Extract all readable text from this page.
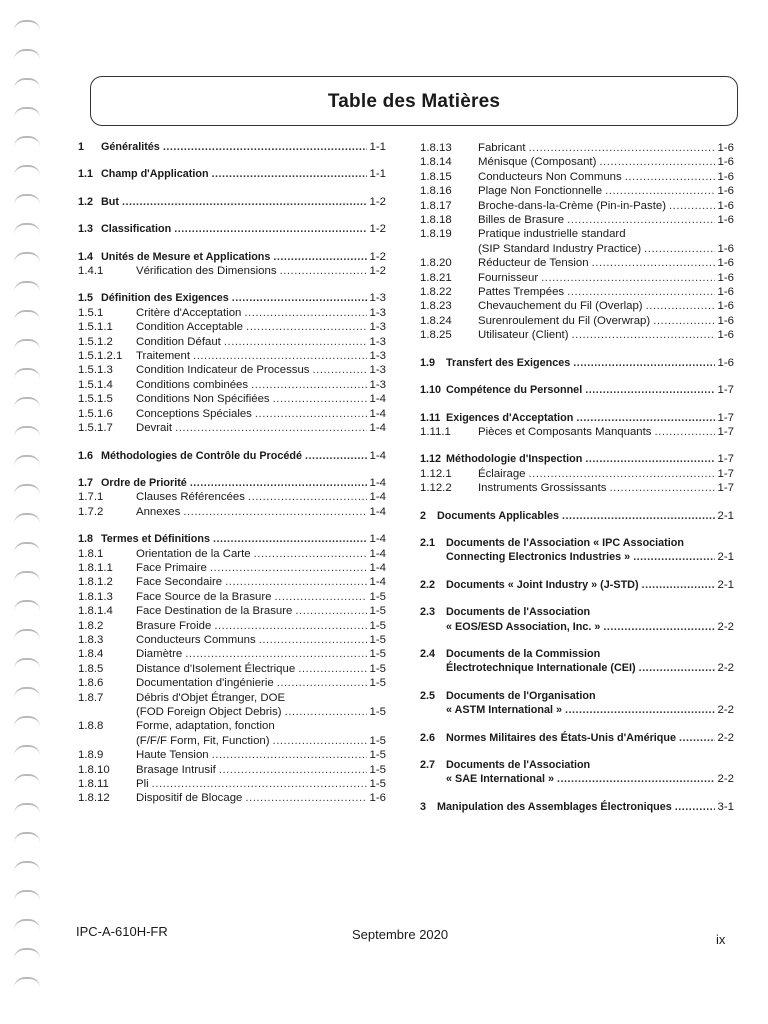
Table des Matières
1	Généralités .....	1-1
1.1 Champ d'Application .....	1-1
1.2 But .....	1-2
1.3 Classification .....	1-2
1.4 Unités de Mesure et Applications .....	1-2
1.4.1	Vérification des Dimensions .....	1-2
1.5 Définition des Exigences .....	1-3
1.5.1	Critère d'Acceptation .....	1-3
1.5.1.1	Condition Acceptable .....	1-3
1.5.1.2	Condition Défaut .....	1-3
1.5.1.2.1	Traitement .....	1-3
1.5.1.3	Condition Indicateur de Processus .....	1-3
1.5.1.4	Conditions combinées .....	1-3
1.5.1.5	Conditions Non Spécifiées .....	1-4
1.5.1.6	Conceptions Spéciales .....	1-4
1.5.1.7	Devrait .....	1-4
1.6 Méthodologies de Contrôle du Procédé .....	1-4
1.7 Ordre de Priorité .....	1-4
1.7.1	Clauses Référencées .....	1-4
1.7.2	Annexes .....	1-4
1.8 Termes et Définitions .....	1-4
1.8.1	Orientation de la Carte .....	1-4
1.8.1.1	Face Primaire .....	1-4
1.8.1.2	Face Secondaire .....	1-4
1.8.1.3	Face Source de la Brasure .....	1-5
1.8.1.4	Face Destination de la Brasure .....	1-5
1.8.2	Brasure Froide .....	1-5
1.8.3	Conducteurs Communs .....	1-5
1.8.4	Diamètre .....	1-5
1.8.5	Distance d'Isolement Électrique .....	1-5
1.8.6	Documentation d'ingénierie .....	1-5
1.8.7	Débris d'Objet Étranger, DOE
(FOD Foreign Object Debris) .....	1-5
1.8.8	Forme, adaptation, fonction
(F/F/F Form, Fit, Function) .....	1-5
1.8.9	Haute Tension .....	1-5
1.8.10	Brasage Intrusif .....	1-5
1.8.11	Pli .....	1-5
1.8.12	Dispositif de Blocage .....	1-6
1.8.13	Fabricant .....	1-6
1.8.14	Ménisque (Composant) .....	1-6
1.8.15	Conducteurs Non Communs .....	1-6
1.8.16	Plage Non Fonctionnelle .....	1-6
1.8.17	Broche-dans-la-Crème (Pin-in-Paste) .....	1-6
1.8.18	Billes de Brasure .....	1-6
1.8.19	Pratique industrielle standard
(SIP Standard Industry Practice) .....	1-6
1.8.20	Réducteur de Tension .....	1-6
1.8.21	Fournisseur .....	1-6
1.8.22	Pattes Trempées .....	1-6
1.8.23	Chevauchement du Fil (Overlap) .....	1-6
1.8.24	Surenroulement du Fil (Overwrap) .....	1-6
1.8.25	Utilisateur (Client) .....	1-6
1.9	Transfert des Exigences .....	1-6
1.10 Compétence du Personnel .....	1-7
1.11 Exigences d'Acceptation .....	1-7
1.11.1	Pièces et Composants Manquants .....	1-7
1.12 Méthodologie d'Inspection .....	1-7
1.12.1	Éclairage .....	1-7
1.12.2	Instruments Grossissants .....	1-7
2	Documents Applicables .....	2-1
2.1	Documents de l'Association « IPC Association
Connecting Electronics Industries » .....	2-1
2.2	Documents « Joint Industry » (J-STD) .....	2-1
2.3	Documents de l'Association
« EOS/ESD Association, Inc. » .....	2-2
2.4	Documents de la Commission
Électrotechnique Internationale (CEI) .....	2-2
2.5	Documents de l'Organisation
« ASTM International » .....	2-2
2.6	Normes Militaires des États-Unis d'Amérique .....	2-2
2.7	Documents de l'Association
« SAE International » .....	2-2
3	Manipulation des Assemblages Électroniques .....	3-1
IPC-A-610H-FR	Septembre 2020	ix
